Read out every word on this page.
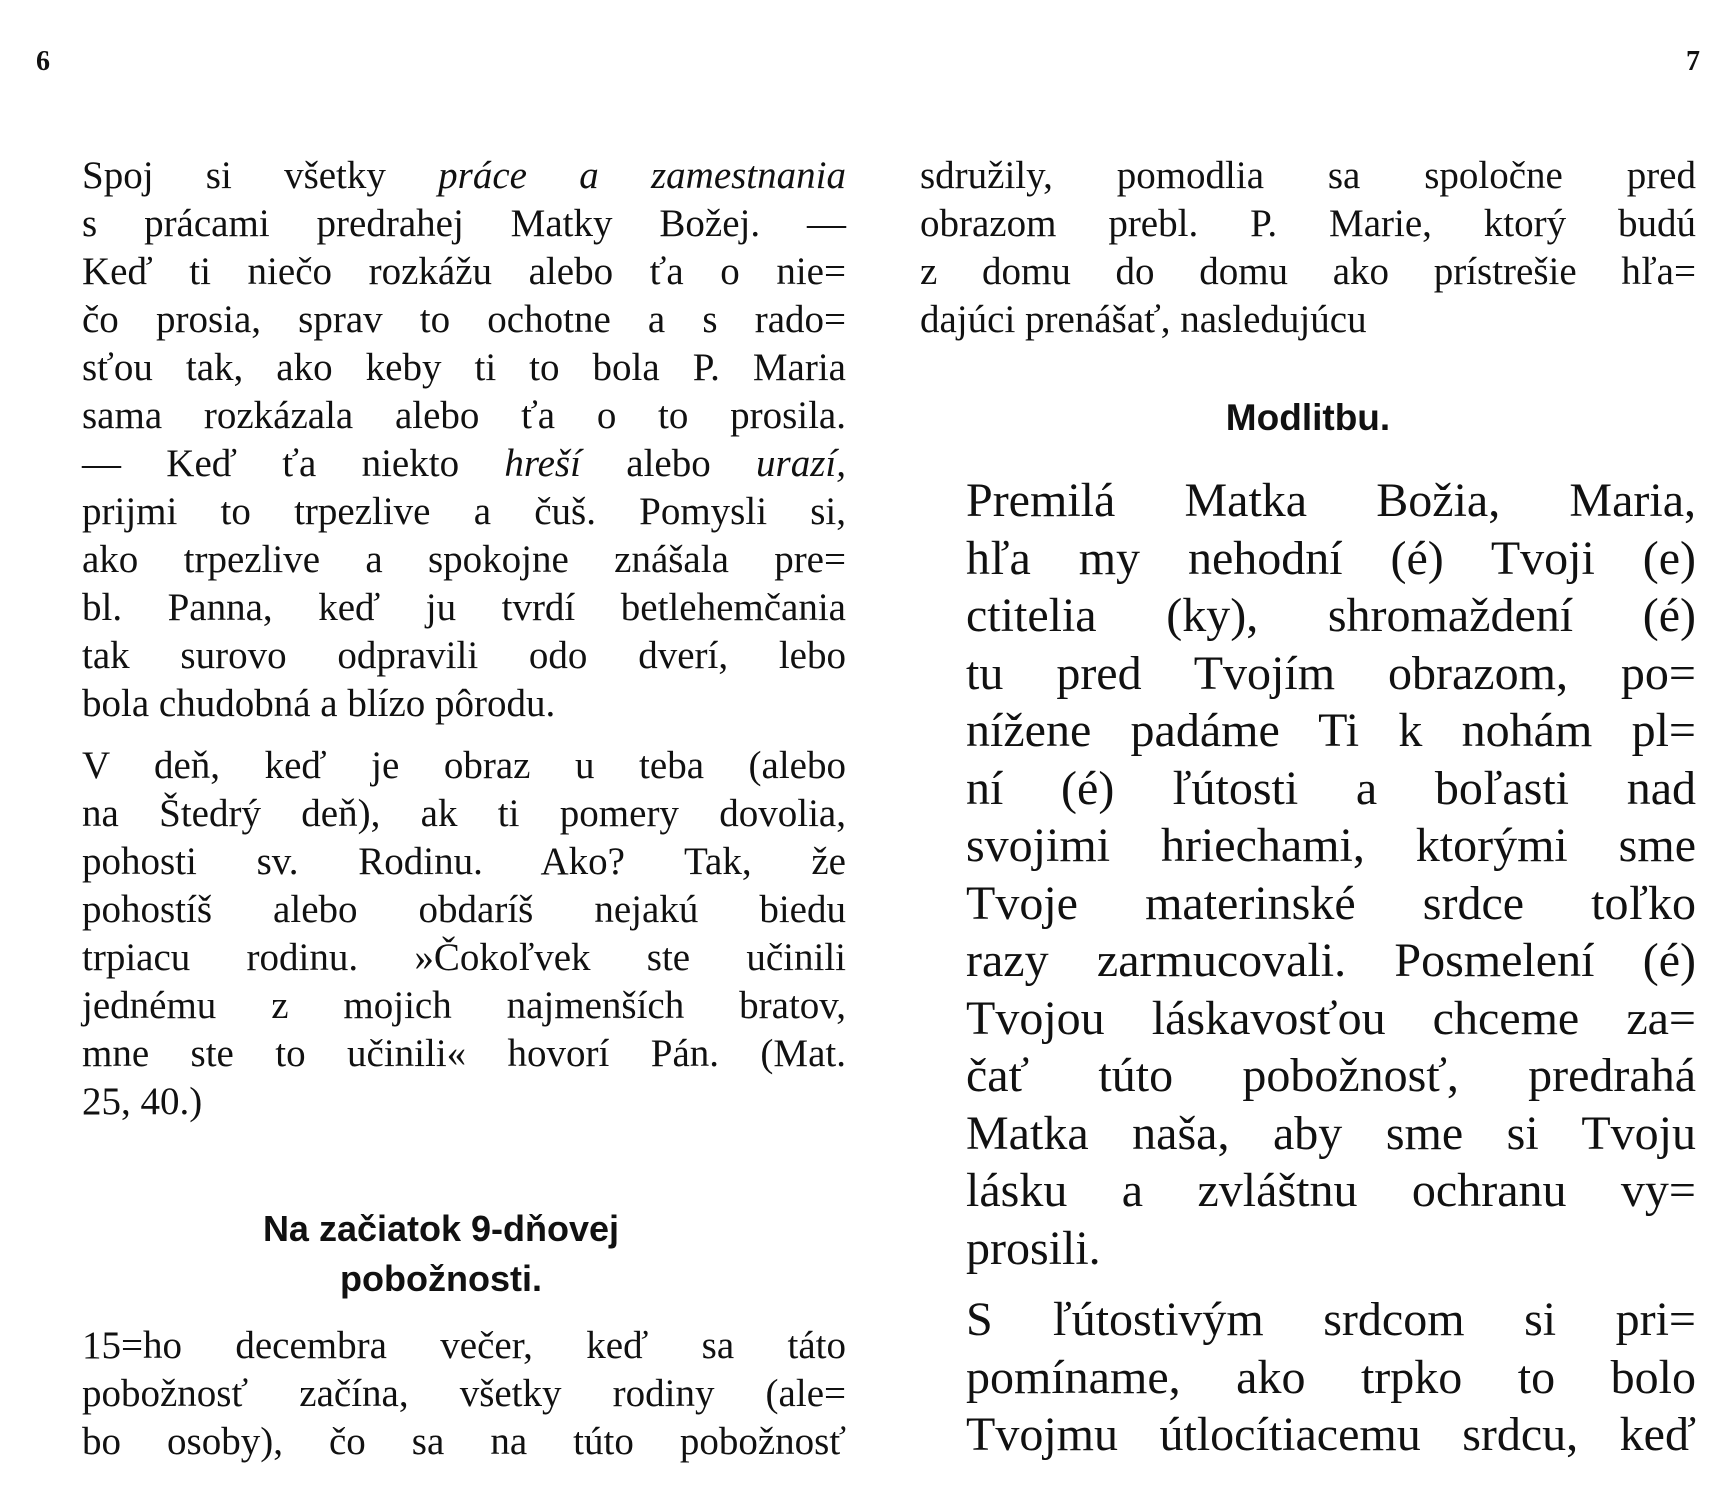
6
Spoj si všetky práce a zamestnania
s prácami predrahej Matky Božej. —
Keď ti niečo rozkážu alebo ťa o nie=
čo prosia, sprav to ochotne a s rado=
sťou tak, ako keby ti to bola P. Maria
sama rozkázala alebo ťa o to prosila.
— Keď ťa niekto hreší alebo urazí,
prijmi to trpezlive a čuš. Pomysli si,
ako trpezlive a spokojne znášala pre=
bl. Panna, keď ju tvrdí betlehemčania
tak surovo odpravili odo dverí, lebo
bola chudobná a blízo pôrodu.
V deň, keď je obraz u teba (alebo
na Štedrý deň), ak ti pomery dovolia,
pohosti sv. Rodinu. Ako? Tak, že
pohostíš alebo obdaríš nejakú biedu
trpiacu rodinu. »Čokoľvek ste učinili
jednému z mojich najmenších bratov,
mne ste to učinili« hovorí Pán. (Mat.
25, 40.)
Na začiatok 9-dňovej
pobožnosti.
15=ho decembra večer, keď sa táto
pobožnosť začína, všetky rodiny (ale=
bo osoby), čo sa na túto pobožnosť
7
sdružily, pomodlia sa spoločne pred
obrazom prebl. P. Marie, ktorý budú
z domu do domu ako prístrešie hľa=
dajúci prenášať, nasledujúcu
Modlitbu.
Premilá Matka Božia, Maria,
hľa my nehodní (é) Tvoji (e)
ctitelia (ky), shromaždení (é)
tu pred Tvojím obrazom, po=
nížene padáme Ti k nohám pl=
ní (é) ľútosti a boľasti nad
svojimi hriechami, ktorými sme
Tvoje materinské srdce toľko
razy zarmucovali. Posmelení (é)
Tvojou láskavosťou chceme za=
čať túto pobožnosť, predrahá
Matka naša, aby sme si Tvoju
lásku a zvláštnu ochranu vy=
prosili.
S ľútostivým srdcom si pri=
pomíname, ako trpko to bolo
Tvojmu útlocítiacemu srdcu, keď
